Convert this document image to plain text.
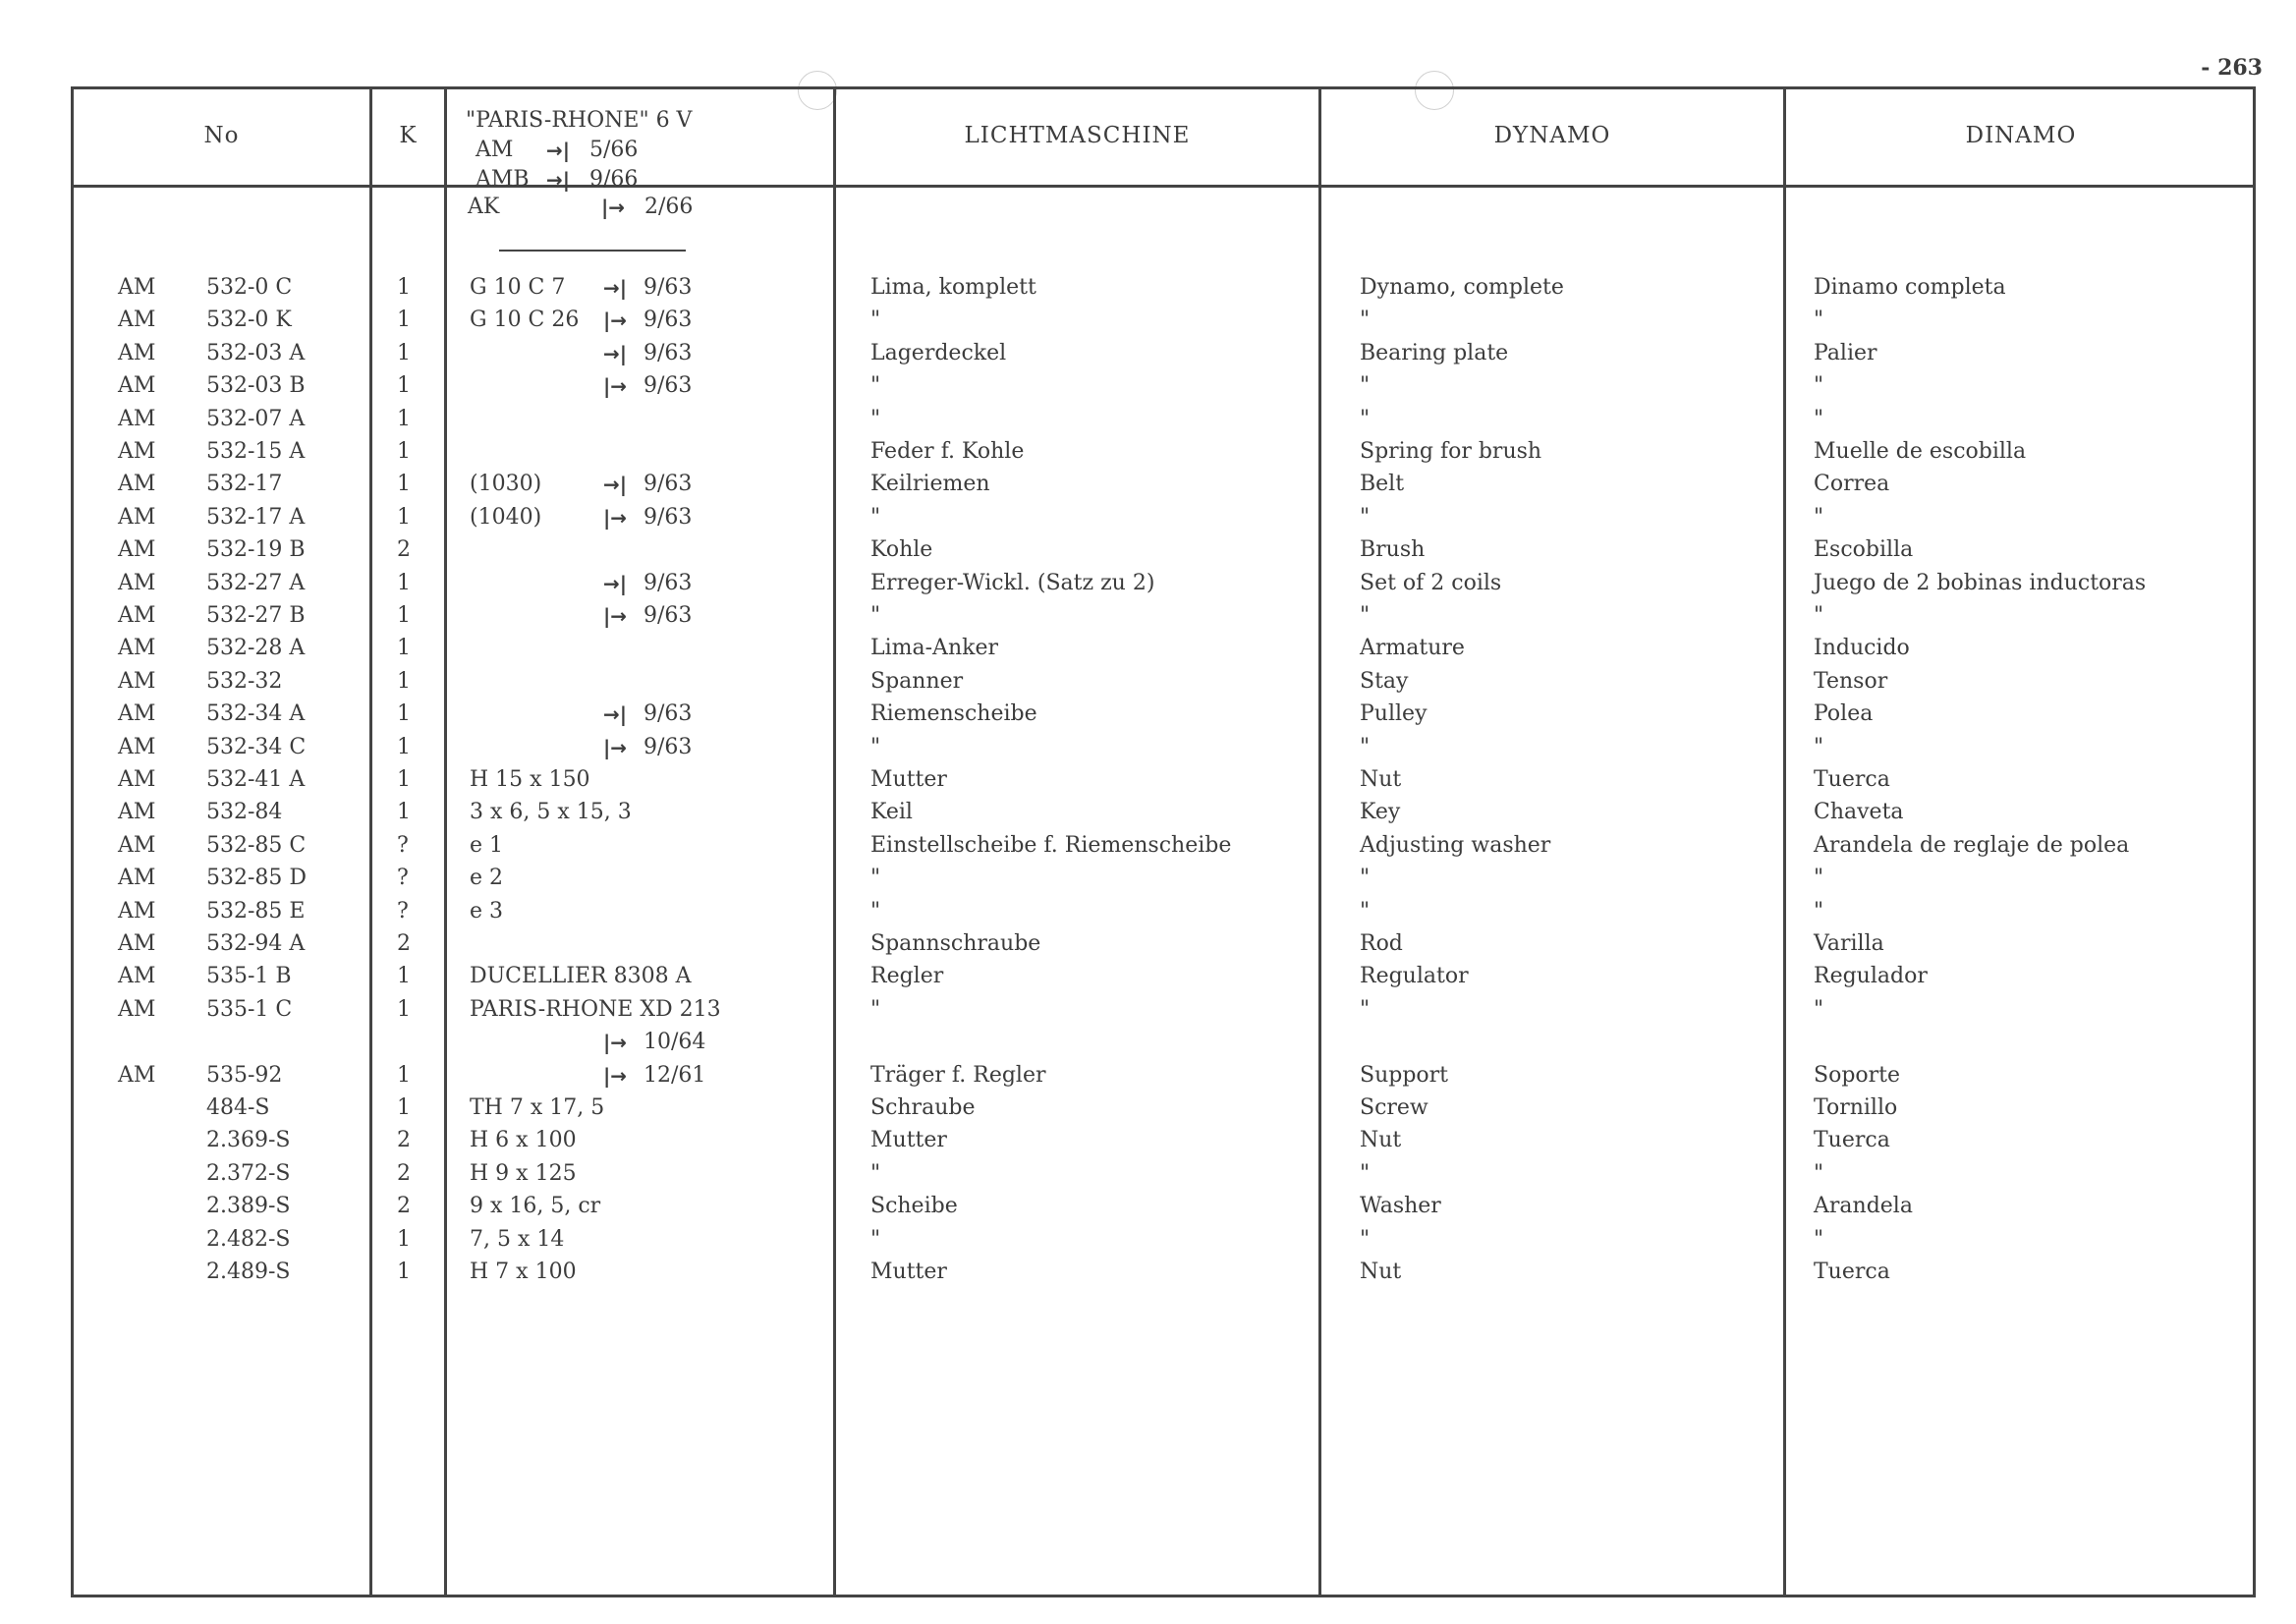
- 263
No	K	LICHTMASCHINE	DYNAMO	DINAMO
"PARIS-RHONE" 6 V
AM	→| 5/66
AMB →| 9/66
AK	|→ 2/66
AM 532-0 C	1	G 10 C 7 →| 9/63	Lima, komplett	Dynamo, complete	Dinamo completa
AM 532-0 K	1	G 10 C 26 |→ 9/63	"	"	"
AM 532-03 A	1	→| 9/63	Lagerdeckel	Bearing plate	Palier
AM 532-03 B	1	|→ 9/63	"	"	"
AM 532-07 A	1	"	"	"
AM 532-15 A	1	Feder f. Kohle	Spring for brush	Muelle de escobilla
AM 532-17	1	(1030)	→| 9/63	Keilriemen	Belt	Correa
AM 532-17 A	1	(1040)	|→ 9/63	"	"	"
AM 532-19 B	2	Kohle	Brush	Escobilla
AM 532-27 A	1	→| 9/63	Erreger-Wickl. (Satz zu 2)	Set of 2 coils	Juego de 2 bobinas inductoras
AM 532-27 B	1	|→ 9/63	"	"	"
AM 532-28 A	1	Lima-Anker	Armature	Inducido
AM 532-32	1	Spanner	Stay	Tensor
AM 532-34 A	1	→| 9/63	Riemenscheibe	Pulley	Polea
AM 532-34 C	1	|→ 9/63	"	"	"
AM 532-41 A	1	H 15 x 150	Mutter	Nut	Tuerca
AM 532-84	1	3 x 6, 5 x 15, 3	Keil	Key	Chaveta
AM 532-85 C	?	e 1	Einstellscheibe f. Riemenscheibe	Adjusting washer	Arandela de reglaje de polea
AM 532-85 D	?	e 2	"	"	"
AM 532-85 E	?	e 3	"	"	"
AM 532-94 A	2	Spannschraube	Rod	Varilla
AM 535-1 B	1	DUCELLIER 8308 A	Regler	Regulator	Regulador
AM 535-1 C	1	PARIS-RHONE XD 213	"	"	"
|→ 10/64
AM 535-92	1	|→ 12/61	Träger f. Regler	Support	Soporte
484-S	1	TH 7 x 17, 5	Schraube	Screw	Tornillo
2.369-S	2	H 6 x 100	Mutter	Nut	Tuerca
2.372-S	2	H 9 x 125	"	"	"
2.389-S	2	9 x 16, 5, cr	Scheibe	Washer	Arandela
2.482-S	1	7, 5 x 14	"	"	"
2.489-S	1	H 7 x 100	Mutter	Nut	Tuerca
